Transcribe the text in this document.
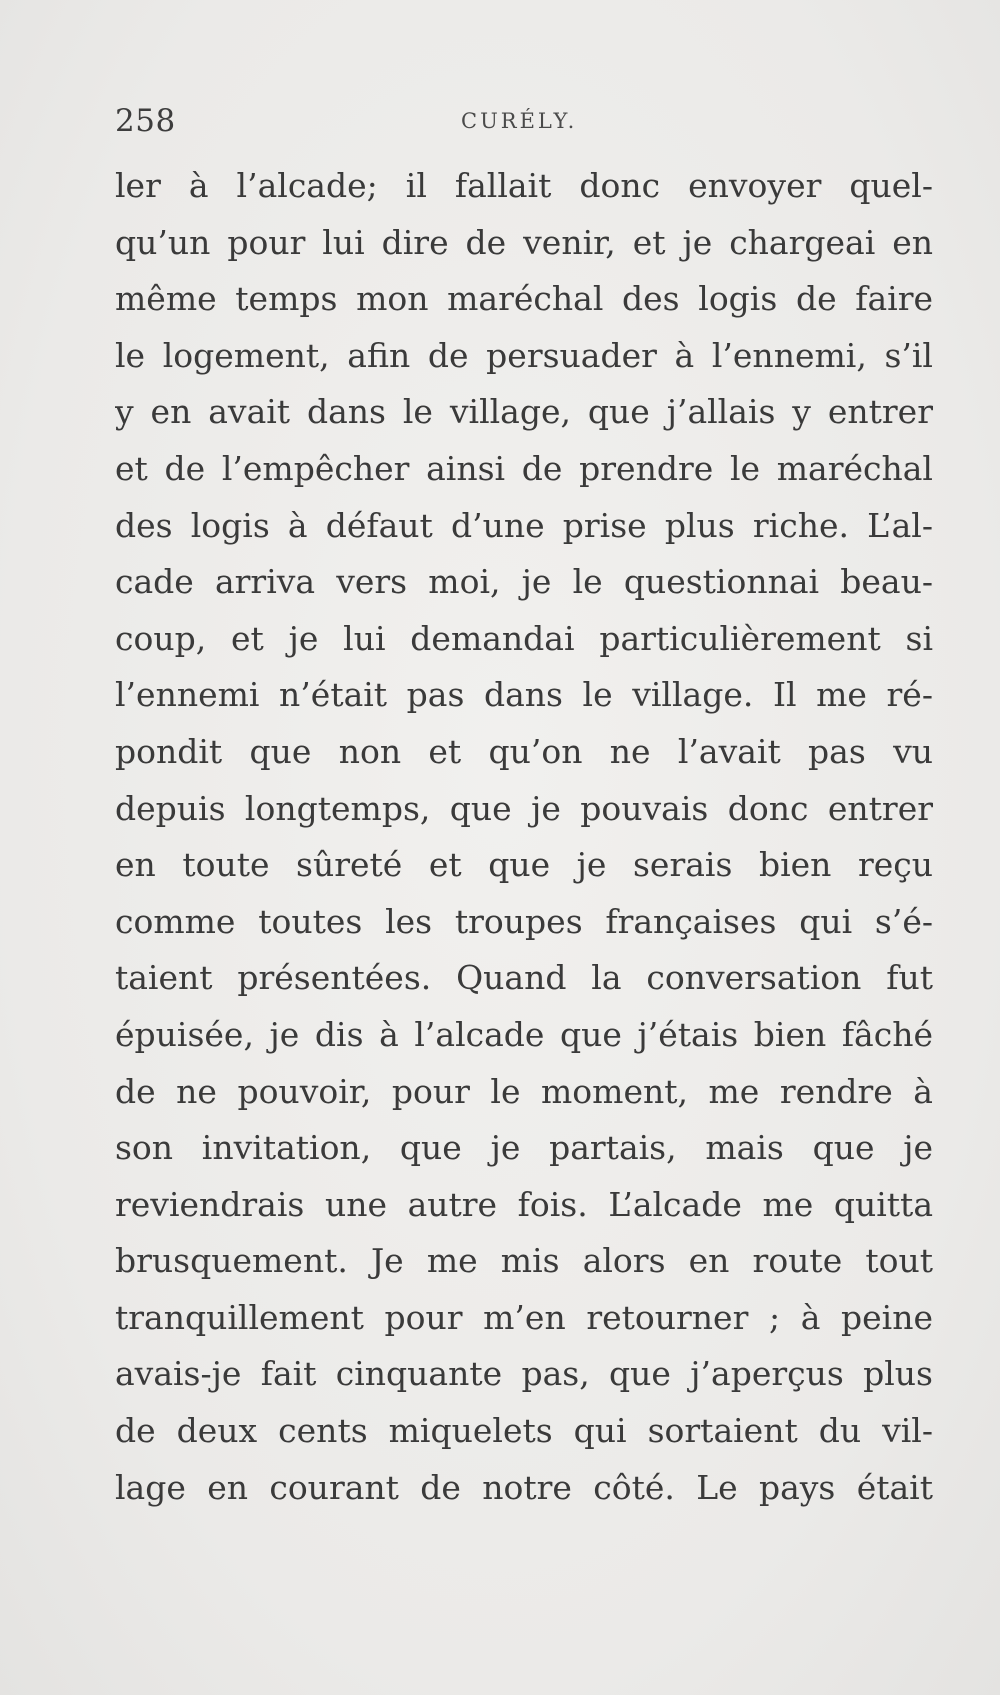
258	CURÉLY.
ler à l’alcade; il fallait donc envoyer quel-
qu’un pour lui dire de venir, et je chargeai en
même temps mon maréchal des logis de faire
le logement, afin de persuader à l’ennemi, s’il
y en avait dans le village, que j’allais y entrer
et de l’empêcher ainsi de prendre le maréchal
des logis à défaut d’une prise plus riche. L’al-
cade arriva vers moi, je le questionnai beau-
coup, et je lui demandai particulièrement si
l’ennemi n’était pas dans le village. Il me ré-
pondit que non et qu’on ne l’avait pas vu
depuis longtemps, que je pouvais donc entrer
en toute sûreté et que je serais bien reçu
comme toutes les troupes françaises qui s’é-
taient présentées. Quand la conversation fut
épuisée, je dis à l’alcade que j’étais bien fâché
de ne pouvoir, pour le moment, me rendre à
son invitation, que je partais, mais que je
reviendrais une autre fois. L’alcade me quitta
brusquement. Je me mis alors en route tout
tranquillement pour m’en retourner ; à peine
avais-je fait cinquante pas, que j’aperçus plus
de deux cents miquelets qui sortaient du vil-
lage en courant de notre côté. Le pays était
